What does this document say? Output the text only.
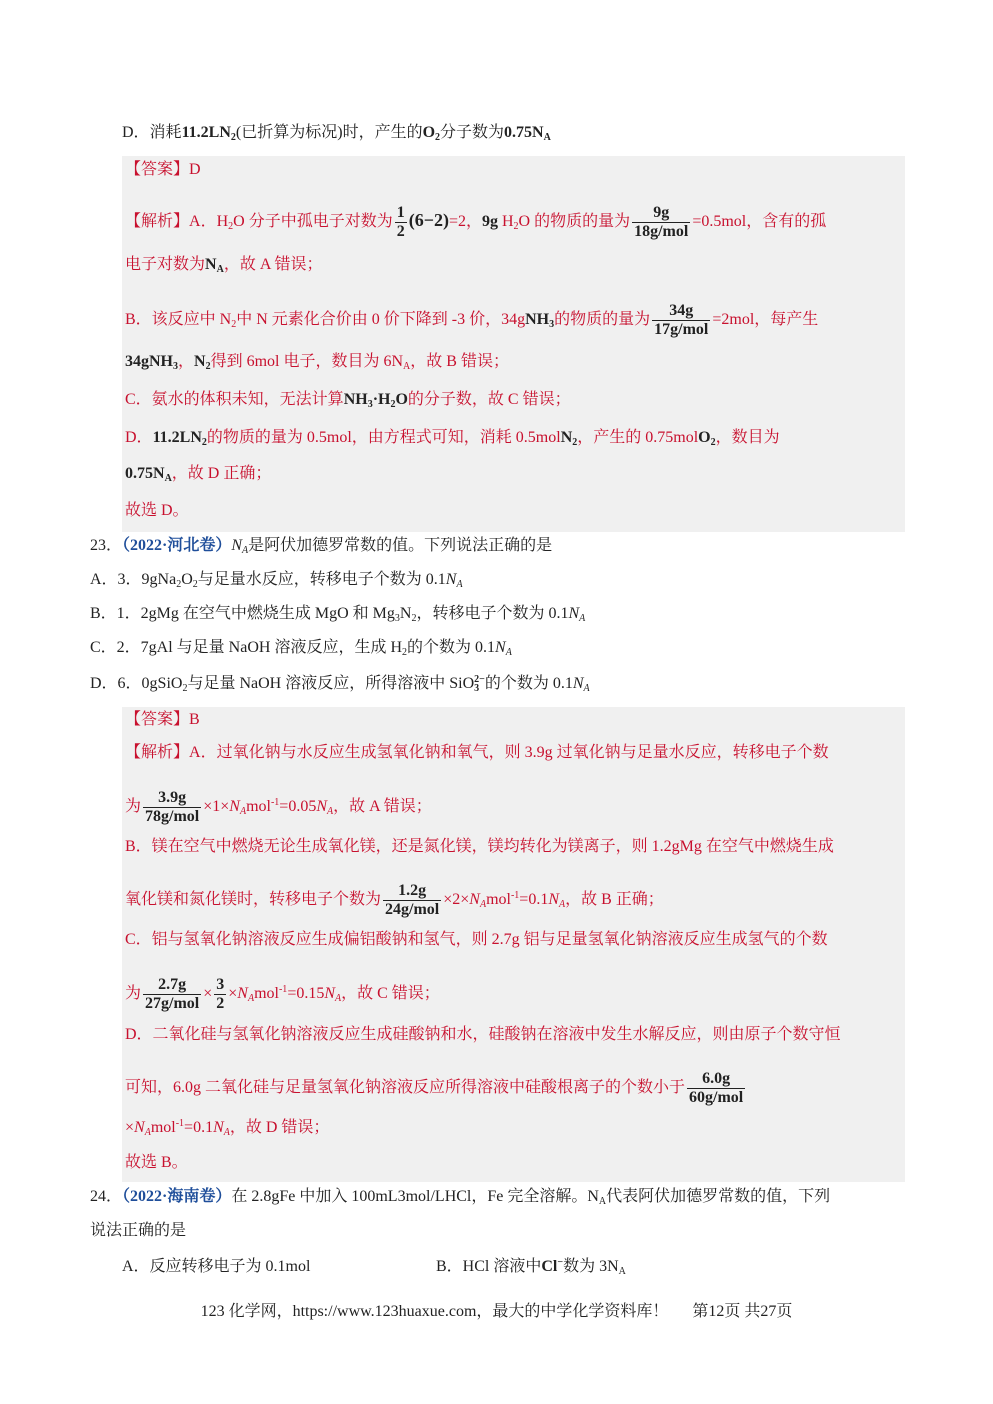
D．消耗$11.2LN_2$(已折算为标况)时，产生的$O_2$分子数为$0.75N_A$
【答案】D
【解析】A．$H_2O$ 分子中孤电子对数为 $\frac{1}{2} (6-2)=2$，9g $H_2O$ 的物质的量为 $\frac{9g}{\text{18g/mol}} =0.5mol$，含有的孤
电子对数为$N_A$，故 A 错误；
B．该反应中 $N_2$中 N 元素化合价由 0 价下降到 -3 价，34gNH$_3$的物质的量为 $\frac{34g}{\text{17g/mol}} =2mol$，每产生
34gNH$_3$，$N_2$得到 6mol 电子，数目为 $6N_A$，故 B 错误；
C．氨水的体积未知，无法计算$NH_3\cdot H_2O$的分子数，故 C 错误；
D．$11.2LN_2$的物质的量为 0.5mol，由方程式可知，消耗 0.5molN$_2$，产生的 0.75molO$_2$，数目为
$0.75N_A$，故 D 正确；
故选 D。
23．（2022·河北卷）$N_A$是阿伏加德罗常数的值。下列说法正确的是
A．3．$9gNa_2O_2$与足量水反应，转移电子个数为 $0.1N_A$
B．1．2gMg 在空气中燃烧生成 MgO 和 $Mg_3N_2$，转移电子个数为 $0.1N_A$
C．2．7gAl 与足量 NaOH 溶液反应，生成 $H_2$的个数为 $0.1N_A$
D．6．0gSiO$_2$与足量 NaOH 溶液反应，所得溶液中 SiO 2−
3 的个数为 $0.1N_A$
【答案】B
【解析】A．过氧化钠与水反应生成氢氧化钠和氧气，则 3.9g 过氧化钠与足量水反应，转移电子个数
为 $\frac{3.9g}{\text{78g/mol}} \times 1\times N_Amol^{-1}=0.05N_A$，故 A 错误；
B．镁在空气中燃烧无论生成氧化镁，还是氮化镁，镁均转化为镁离子，则 1.2gMg 在空气中燃烧生成
氧化镁和氮化镁时，转移电子个数为 $\frac{1.2g}{\text{24g/mol}} \times 2\times N_Amol^{-1}=0.1N_A$，故 B 正确；
C．铝与氢氧化钠溶液反应生成偏铝酸钠和氢气，则 2.7g 铝与足量氢氧化钠溶液反应生成氢气的个数
为 $\frac{2.7g}{\text{27g/mol}} \times \frac{3}{2} \times N_Amol^{-1}=0.15N_A$，故 C 错误；
D．二氧化硅与氢氧化钠溶液反应生成硅酸钠和水，硅酸钠在溶液中发生水解反应，则由原子个数守恒
可知，6.0g 二氧化硅与足量氢氧化钠溶液反应所得溶液中硅酸根离子的个数小于 $\frac{6.0g}{\text{60g/mol}}$
$\times N_Amol^{-1}=0.1N_A$，故 D 错误；
故选 B。
24．（2022·海南卷）在 2.8gFe 中加入 100mL3mol/LHCl，Fe 完全溶解。$N_A$代表阿伏加德罗常数的值，下列
说法正确的是
A．反应转移电子为 0.1mol	B．HCl 溶液中Cl−数为 $3N_A$
123 化学网，https://www.123huaxue.com，最大的中学化学资料库！ 第12页 共27页
